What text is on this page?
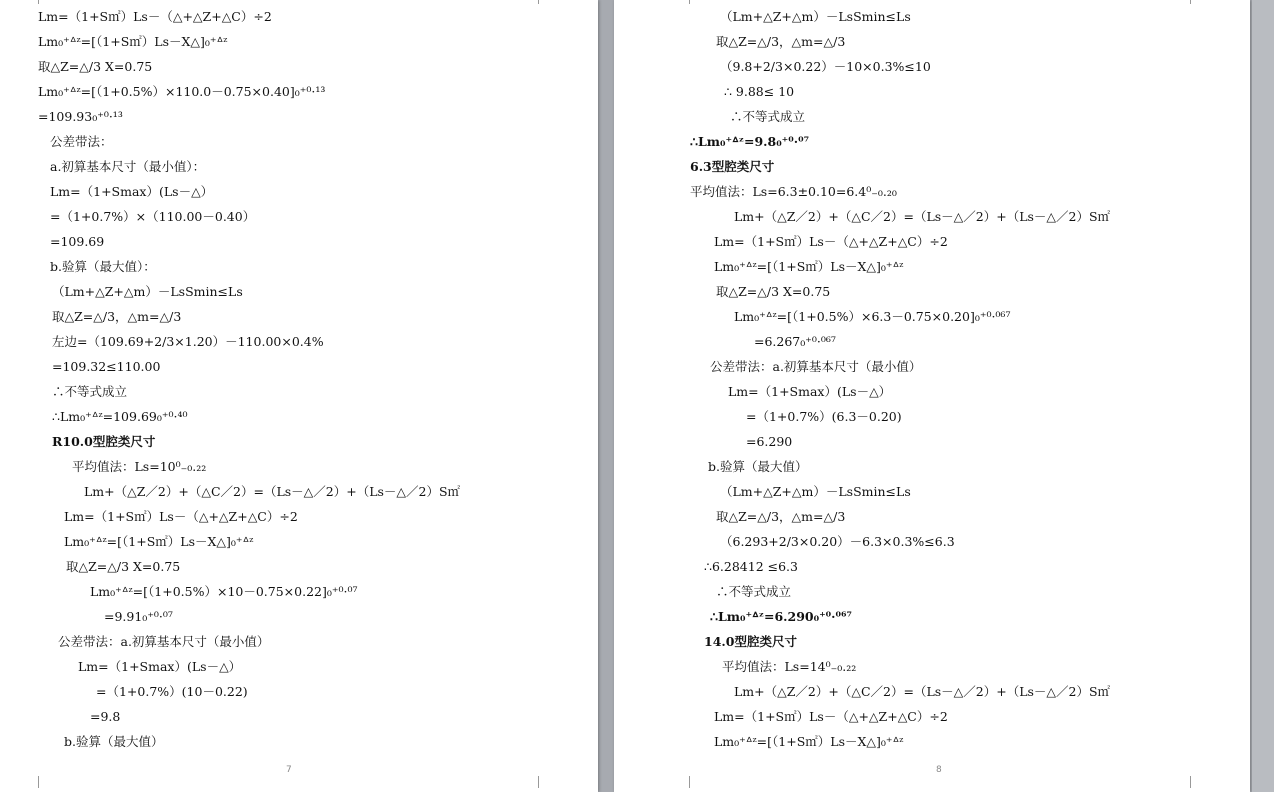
Lm=（1+S㎡）Ls－（△+△Z+△C）÷2
Lm₀⁺ᐞᶻ=[（1+S㎡）Ls－X△]₀⁺ᐞᶻ
取△Z=△/3 X=0.75
Lm₀⁺ᐞᶻ=[（1+0.5%）×110.0－0.75×0.40]₀⁺⁰·¹³
=109.93₀⁺⁰·¹³
公差带法：
a.初算基本尺寸（最小值）：
Lm=（1+Smax）(Ls－△）
=（1+0.7%）×（110.00－0.40）
=109.69
b.验算（最大值）：
（Lm+△Z+△m）－LsSmin≤Ls
取△Z=△/3，△m=△/3
左边=（109.69+2/3×1.20）－110.00×0.4%
=109.32≤110.00
∴不等式成立
∴Lm₀⁺ᐞᶻ=109.69₀⁺⁰·⁴⁰
R10.0型腔类尺寸
平均值法：Ls=10⁰₋₀.₂₂
Lm+（△Z／2）+（△C／2）=（Ls－△／2）+（Ls－△／2）S㎡
Lm=（1+S㎡）Ls－（△+△Z+△C）÷2
Lm₀⁺ᐞᶻ=[（1+S㎡）Ls－X△]₀⁺ᐞᶻ
取△Z=△/3 X=0.75
Lm₀⁺ᐞᶻ=[（1+0.5%）×10－0.75×0.22]₀⁺⁰·⁰⁷
=9.91₀⁺⁰·⁰⁷
公差带法：a.初算基本尺寸（最小值）
Lm=（1+Smax）(Ls－△）
=（1+0.7%）(10－0.22)
=9.8
b.验算（最大值）
7
（Lm+△Z+△m）－LsSmin≤Ls
取△Z=△/3，△m=△/3
（9.8+2/3×0.22）－10×0.3%≤10
∴ 9.88≤ 10
∴不等式成立
∴Lm₀⁺ᐞᶻ=9.8₀⁺⁰·⁰⁷
6.3型腔类尺寸
平均值法：Ls=6.3±0.10=6.4⁰₋₀.₂₀
Lm+（△Z／2）+（△C／2）=（Ls－△／2）+（Ls－△／2）S㎡
Lm=（1+S㎡）Ls－（△+△Z+△C）÷2
Lm₀⁺ᐞᶻ=[（1+S㎡）Ls－X△]₀⁺ᐞᶻ
取△Z=△/3 X=0.75
Lm₀⁺ᐞᶻ=[（1+0.5%）×6.3－0.75×0.20]₀⁺⁰·⁰⁶⁷
=6.267₀⁺⁰·⁰⁶⁷
公差带法：a.初算基本尺寸（最小值）
Lm=（1+Smax）(Ls－△）
=（1+0.7%）(6.3－0.20)
=6.290
b.验算（最大值）
（Lm+△Z+△m）－LsSmin≤Ls
取△Z=△/3，△m=△/3
（6.293+2/3×0.20）－6.3×0.3%≤6.3
∴6.28412 ≤6.3
∴不等式成立
∴Lm₀⁺ᐞᶻ=6.290₀⁺⁰·⁰⁶⁷
14.0型腔类尺寸
平均值法：Ls=14⁰₋₀.₂₂
Lm+（△Z／2）+（△C／2）=（Ls－△／2）+（Ls－△／2）S㎡
Lm=（1+S㎡）Ls－（△+△Z+△C）÷2
Lm₀⁺ᐞᶻ=[（1+S㎡）Ls－X△]₀⁺ᐞᶻ
8
